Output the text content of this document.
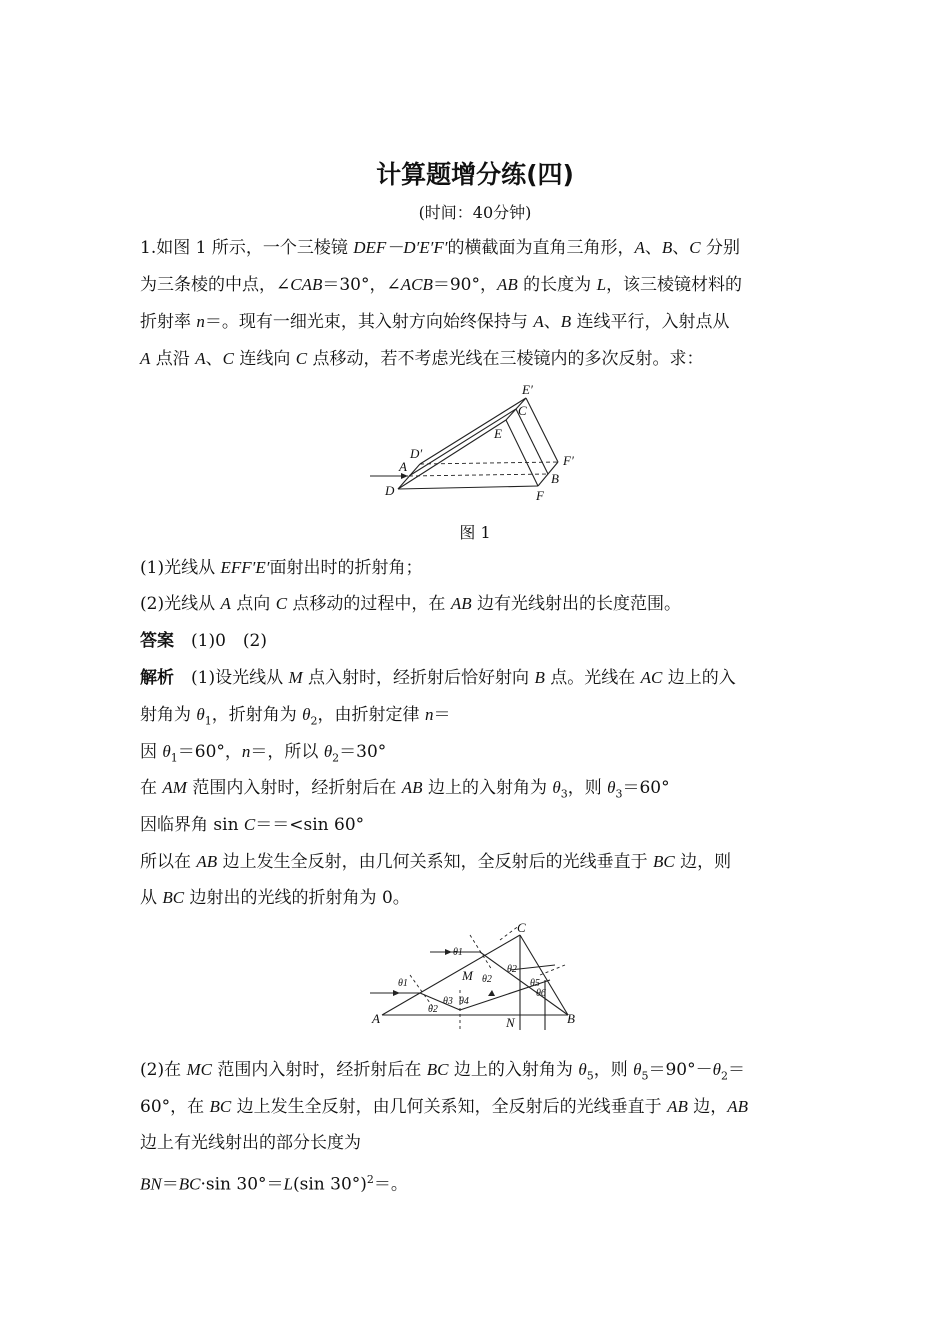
计算题增分练(四)
(时间：40分钟)
1.如图 1 所示，一个三棱镜 DEF－D′E′F′的横截面为直角三角形，A、B、C 分别
为三条棱的中点，∠CAB＝30°，∠ACB＝90°，AB 的长度为 L，该三棱镜材料的
折射率 n＝。现有一细光束，其入射方向始终保持与 A、B 连线平行，入射点从
A 点沿 A、C 连线向 C 点移动，若不考虑光线在三棱镜内的多次反射。求：
E′
C
E
D′
A	F′
B
D	F
图 1
(1)光线从 EFF′E′面射出时的折射角；
(2)光线从 A 点向 C 点移动的过程中，在 AB 边有光线射出的长度范围。
答案　 (1)0　(2)
解析　 (1)设光线从 M 点入射时，经折射后恰好射向 B 点。光线在 AC 边上的入
射角为 $\theta_1$，折射角为 $\theta_2$，由折射定律 n＝
因 $\theta_1=60^\circ$，n＝，所以 $\theta_2=30^\circ$
在 AM 范围内入射时，经折射后在 AB 边上的入射角为 $\theta_3$，则 $\theta_3=60^\circ$
因临界角 sin C＝＝<sin 60°
所以在 AB 边上发生全反射，由几何关系知，全反射后的光线垂直于 BC 边，则
从 BC 边射出的光线的折射角为 0。
C
A	B
M
N
θ1
θ1
θ2
θ2
θ2
θ3 θ4
θ5
θ6
(2)在 MC 范围内入射时，经折射后在 BC 边上的入射角为 $\theta_5$，则 $\theta_5=90^\circ-\theta_2=$
60°，在 BC 边上发生全反射，由几何关系知，全反射后的光线垂直于 AB 边，AB
边上有光线射出的部分长度为
BN＝BC·sin 30°＝L(sin 30°)$^2$＝。
